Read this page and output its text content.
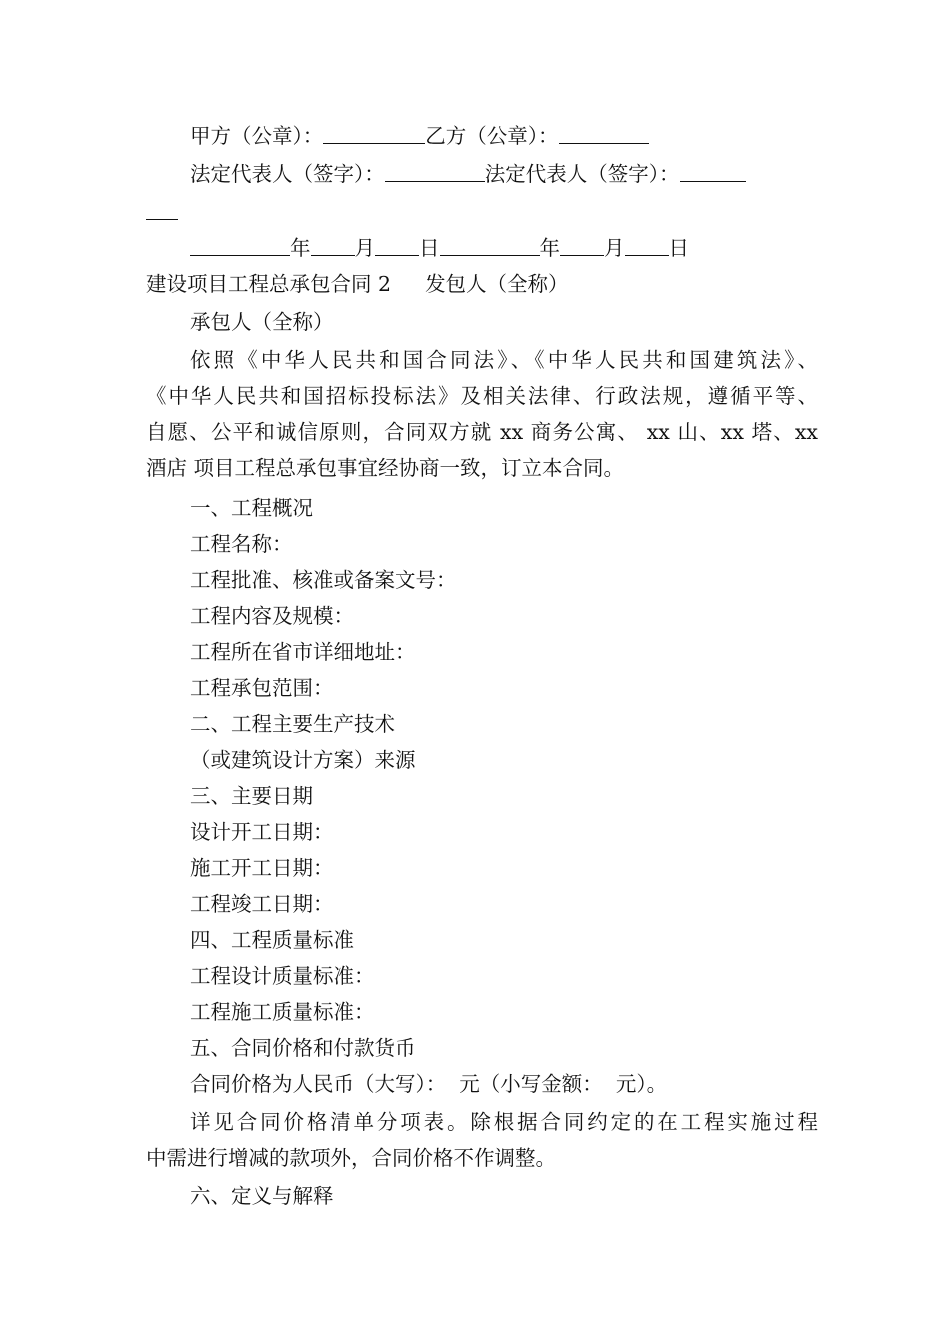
甲方（公章）：	乙方（公章）：
法定代表人（签字）：	法定代表人（签字）：
年 月 日	年 月 日
建设项目工程总承包合同 2 发包人（全称）
承包人（全称）
依照《中华人民共和国合同法》、《中华人民共和国建筑法》、
《中华人民共和国招标投标法》及相关法律、行政法规，遵循平等、
自愿、公平和诚信原则，合同双方就 xx 商务公寓、 xx 山、xx 塔、xx
酒店 项目工程总承包事宜经协商一致，订立本合同。
一、工程概况
工程名称：
工程批准、核准或备案文号：
工程内容及规模：
工程所在省市详细地址：
工程承包范围：
二、工程主要生产技术
（或建筑设计方案）来源
三、主要日期
设计开工日期：
施工开工日期：
工程竣工日期：
四、工程质量标准
工程设计质量标准：
工程施工质量标准：
五、合同价格和付款货币
合同价格为人民币（大写）：  元（小写金额：  元）。
详见合同价格清单分项表。除根据合同约定的在工程实施过程
中需进行增减的款项外，合同价格不作调整。
六、定义与解释
